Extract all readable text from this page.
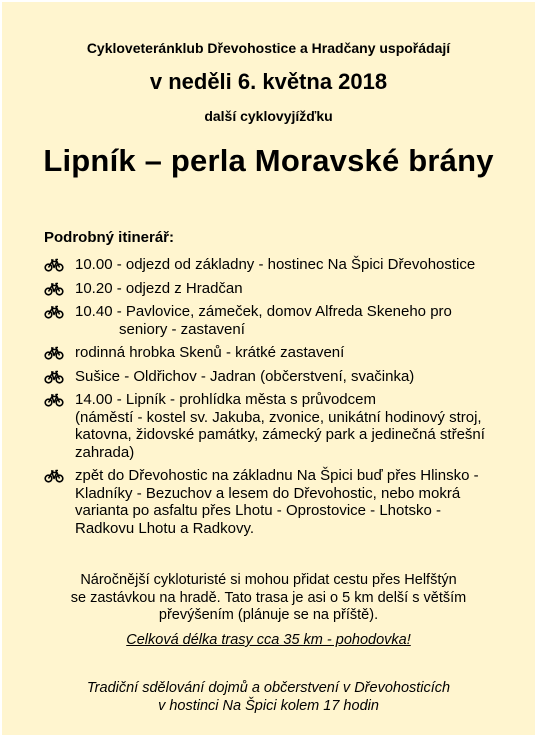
Cykloveteránklub Dřevohostice a Hradčany uspořádají
v neděli 6. května 2018
další cyklovyjížďku
Lipník – perla Moravské brány
Podrobný itinerář:
10.00 - odjezd od základny - hostinec Na Špici Dřevohostice
10.20 - odjezd z Hradčan
10.40 - Pavlovice, zámeček, domov Alfreda Skeneho pro
seniory - zastavení
rodinná hrobka Skenů - krátké zastavení
Sušice - Oldřichov - Jadran (občerstvení, svačinka)
14.00 - Lipník - prohlídka města s průvodcem
(náměstí - kostel sv. Jakuba, zvonice, unikátní hodinový stroj,
katovna, židovské památky, zámecký park a jedinečná střešní
zahrada)
zpět do Dřevohostic na základnu Na Špici buď přes Hlinsko -
Kladníky - Bezuchov a lesem do Dřevohostic, nebo mokrá
varianta po asfaltu přes Lhotu - Oprostovice - Lhotsko -
Radkovu Lhotu a Radkovy.
Náročnější cykloturisté si mohou přidat cestu přes Helfštýn
se zastávkou na hradě. Tato trasa je asi o 5 km delší s větším
převýšením (plánuje se na příště).
Celková délka trasy cca 35 km - pohodovka!
Tradiční sdělování dojmů a občerstvení v Dřevohosticích
v hostinci Na Špici kolem 17 hodin
